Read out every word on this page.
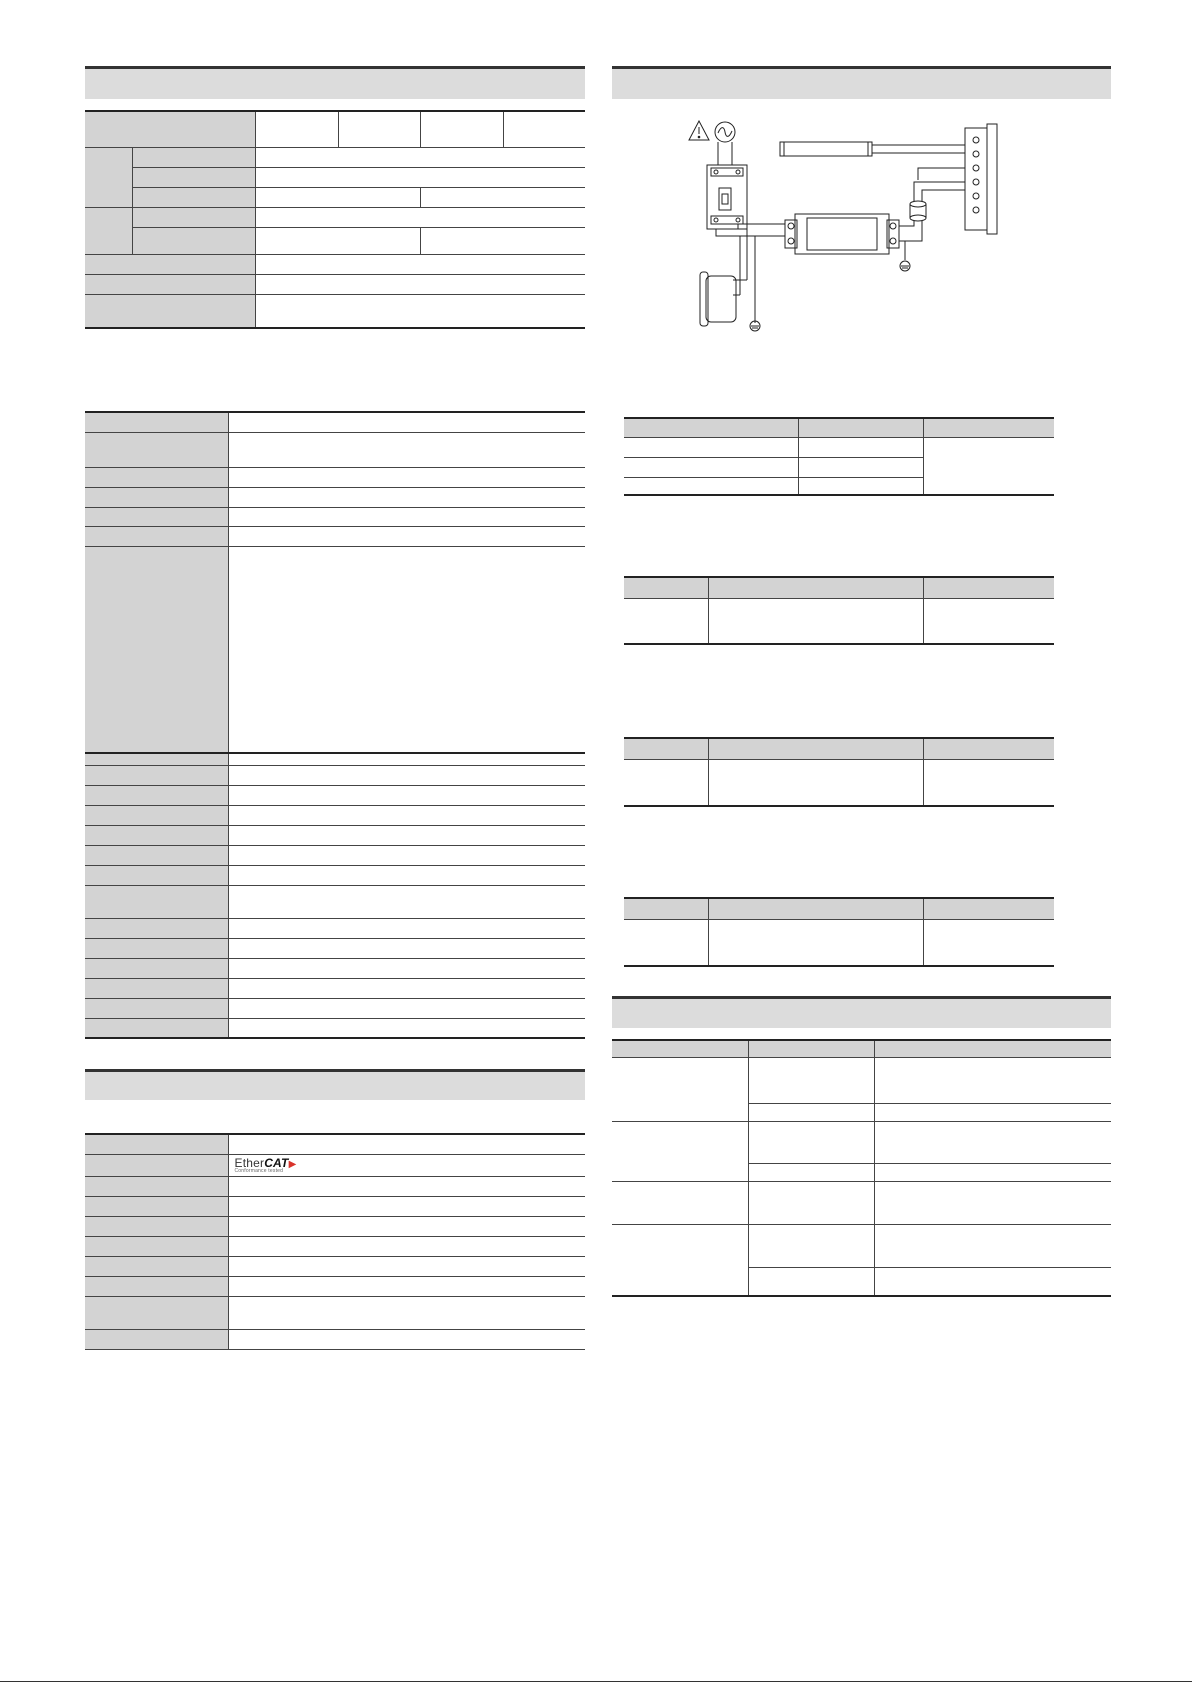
	EtherCAT▶
Conformance tested
